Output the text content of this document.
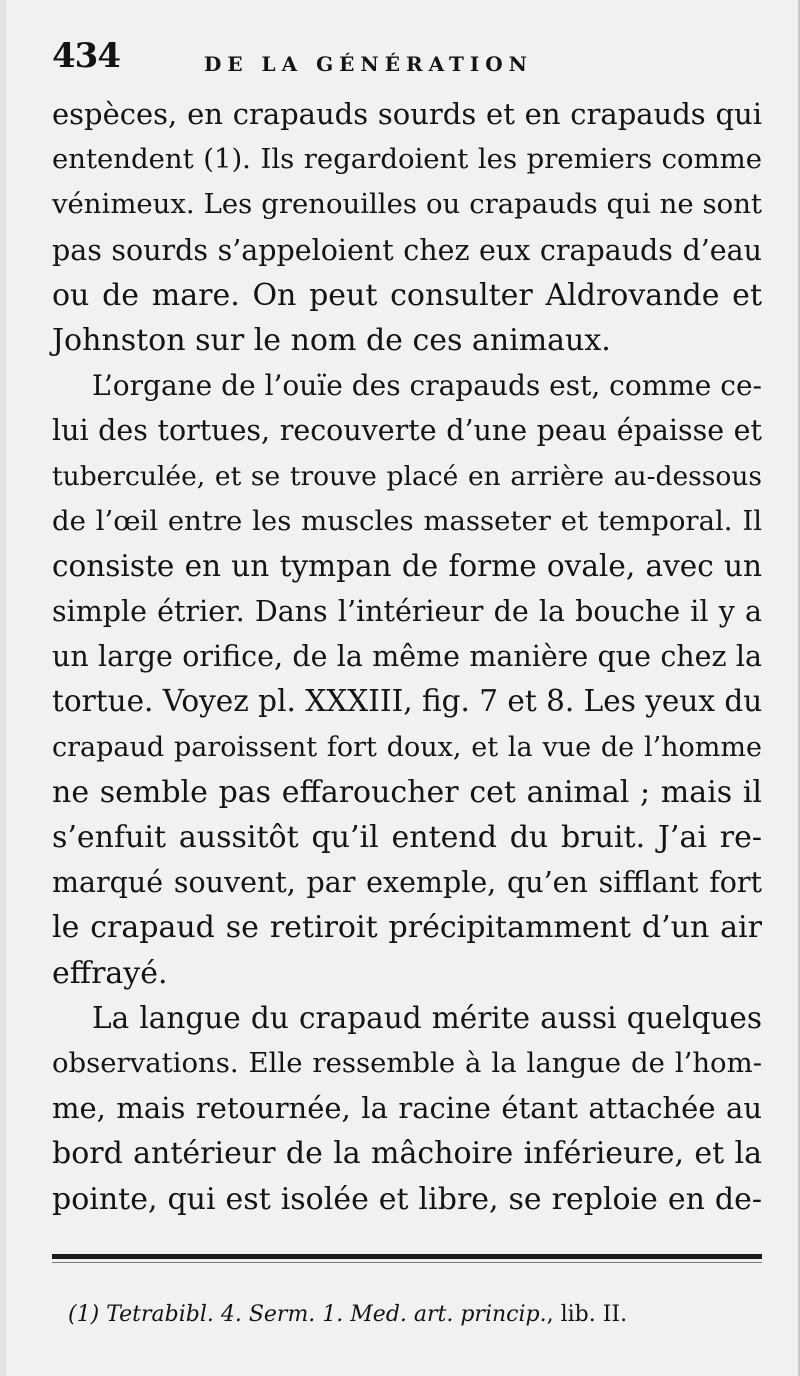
434	DE LA GÉNÉRATION
espèces, en crapauds sourds et en crapauds qui
entendent (1). Ils regardoient les premiers comme
vénimeux. Les grenouilles ou crapauds qui ne sont
pas sourds s’appeloient chez eux crapauds d’eau
ou de mare. On peut consulter Aldrovande et
Johnston sur le nom de ces animaux.
L’organe de l’ouïe des crapauds est, comme ce-
lui des tortues, recouverte d’une peau épaisse et
tuberculée, et se trouve placé en arrière au-dessous
de l’œil entre les muscles masseter et temporal. Il
consiste en un tympan de forme ovale, avec un
simple étrier. Dans l’intérieur de la bouche il y a
un large orifice, de la même manière que chez la
tortue. Voyez pl. XXXIII, fig. 7 et 8. Les yeux du
crapaud paroissent fort doux, et la vue de l’homme
ne semble pas effaroucher cet animal ; mais il
s’enfuit aussitôt qu’il entend du bruit. J’ai re-
marqué souvent, par exemple, qu’en sifflant fort
le crapaud se retiroit précipitamment d’un air
effrayé.
La langue du crapaud mérite aussi quelques
observations. Elle ressemble à la langue de l’hom-
me, mais retournée, la racine étant attachée au
bord antérieur de la mâchoire inférieure, et la
pointe, qui est isolée et libre, se reploie en de-
(1) Tetrabibl. 4. Serm. 1. Med. art. princip., lib. II.
